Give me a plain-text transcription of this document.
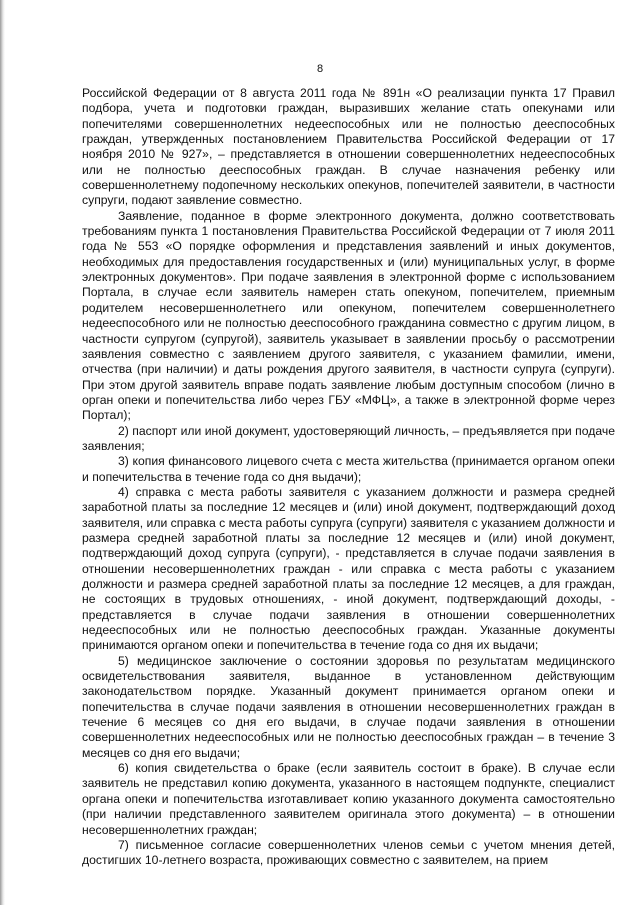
8

Российской Федерации от 8 августа 2011 года № 891н «О реализации пункта 17 Правил подбора, учета и подготовки граждан, выразивших желание стать опекунами или попечителями совершеннолетних недееспособных или не полностью дееспособных граждан, утвержденных постановлением Правительства Российской Федерации от 17 ноября 2010 № 927», – представляется в отношении совершеннолетних недееспособных или не полностью дееспособных граждан. В случае назначения ребенку или совершеннолетнему подопечному нескольких опекунов, попечителей заявители, в частности супруги, подают заявление совместно.

Заявление, поданное в форме электронного документа, должно соответствовать требованиям пункта 1 постановления Правительства Российской Федерации от 7 июля 2011 года № 553 «О порядке оформления и представления заявлений и иных документов, необходимых для предоставления государственных и (или) муниципальных услуг, в форме электронных документов». При подаче заявления в электронной форме с использованием Портала, в случае если заявитель намерен стать опекуном, попечителем, приемным родителем несовершеннолетнего или опекуном, попечителем совершеннолетнего недееспособного или не полностью дееспособного гражданина совместно с другим лицом, в частности супругом (супругой), заявитель указывает в заявлении просьбу о рассмотрении заявления совместно с заявлением другого заявителя, с указанием фамилии, имени, отчества (при наличии) и даты рождения другого заявителя, в частности супруга (супруги). При этом другой заявитель вправе подать заявление любым доступным способом (лично в орган опеки и попечительства либо через ГБУ «МФЦ», а также в электронной форме через Портал);

2) паспорт или иной документ, удостоверяющий личность, – предъявляется при подаче заявления;

3) копия финансового лицевого счета с места жительства (принимается органом опеки и попечительства в течение года со дня выдачи);

4) справка с места работы заявителя с указанием должности и размера средней заработной платы за последние 12 месяцев и (или) иной документ, подтверждающий доход заявителя, или справка с места работы супруга (супруги) заявителя с указанием должности и размера средней заработной платы за последние 12 месяцев и (или) иной документ, подтверждающий доход супруга (супруги), - представляется в случае подачи заявления в отношении несовершеннолетних граждан - или справка с места работы с указанием должности и размера средней заработной платы за последние 12 месяцев, а для граждан, не состоящих в трудовых отношениях, - иной документ, подтверждающий доходы, - представляется в случае подачи заявления в отношении совершеннолетних недееспособных или не полностью дееспособных граждан. Указанные документы принимаются органом опеки и попечительства в течение года со дня их выдачи;

5) медицинское заключение о состоянии здоровья по результатам медицинского освидетельствования заявителя, выданное в установленном действующим законодательством порядке. Указанный документ принимается органом опеки и попечительства в случае подачи заявления в отношении несовершеннолетних граждан в течение 6 месяцев со дня его выдачи, в случае подачи заявления в отношении совершеннолетних недееспособных или не полностью дееспособных граждан – в течение 3 месяцев со дня его выдачи;

6) копия свидетельства о браке (если заявитель состоит в браке). В случае если заявитель не представил копию документа, указанного в настоящем подпункте, специалист органа опеки и попечительства изготавливает копию указанного документа самостоятельно (при наличии представленного заявителем оригинала этого документа) – в отношении несовершеннолетних граждан;

7) письменное согласие совершеннолетних членов семьи с учетом мнения детей, достигших 10-летнего возраста, проживающих совместно с заявителем, на прием
